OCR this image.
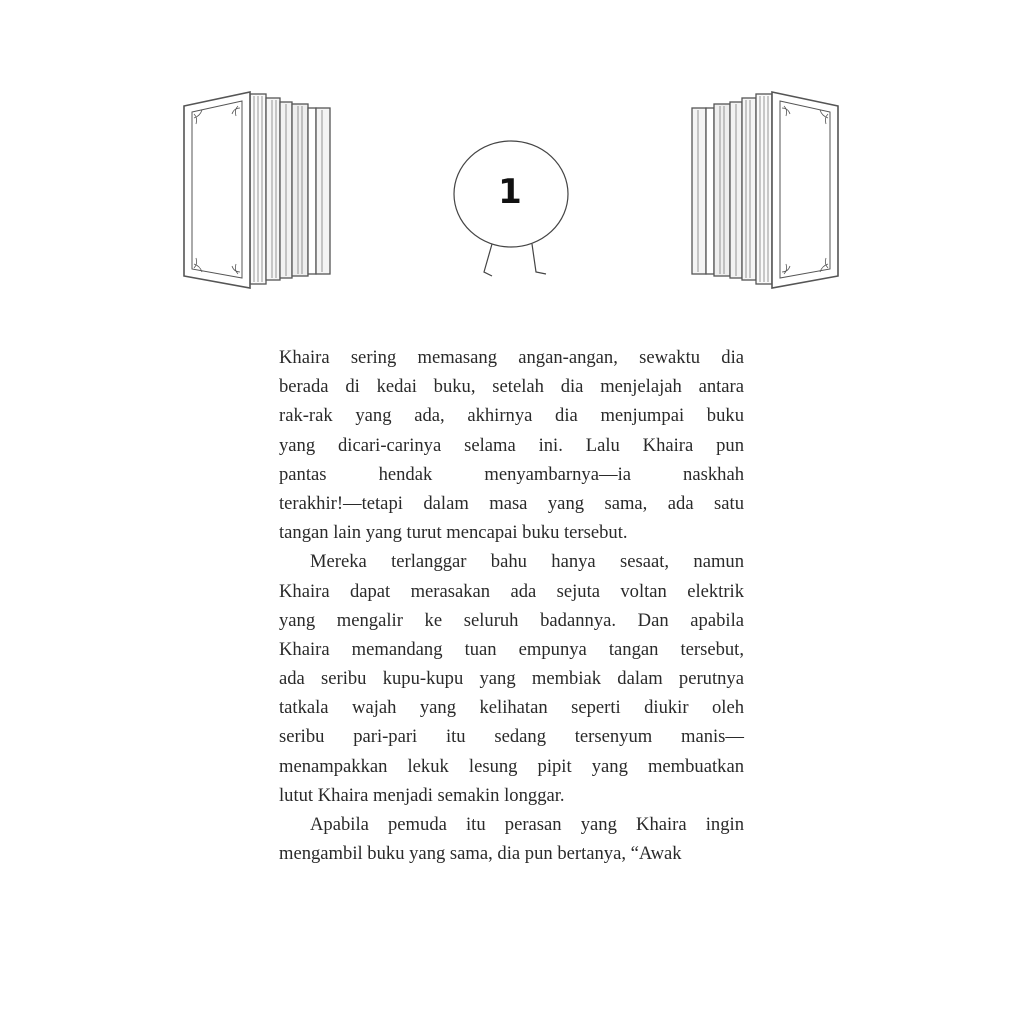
1
Khaira sering memasang angan-angan, sewaktu dia
berada di kedai buku, setelah dia menjelajah antara
rak-rak yang ada, akhirnya dia menjumpai buku
yang dicari-carinya selama ini. Lalu Khaira pun
pantas hendak menyambarnya—ia naskhah
terakhir!—tetapi dalam masa yang sama, ada satu
tangan lain yang turut mencapai buku tersebut.
Mereka terlanggar bahu hanya sesaat, namun
Khaira dapat merasakan ada sejuta voltan elektrik
yang mengalir ke seluruh badannya. Dan apabila
Khaira memandang tuan empunya tangan tersebut,
ada seribu kupu-kupu yang membiak dalam perutnya
tatkala wajah yang kelihatan seperti diukir oleh
seribu pari-pari itu sedang tersenyum manis—
menampakkan lekuk lesung pipit yang membuatkan
lutut Khaira menjadi semakin longgar.
Apabila pemuda itu perasan yang Khaira ingin
mengambil buku yang sama, dia pun bertanya, “Awak
